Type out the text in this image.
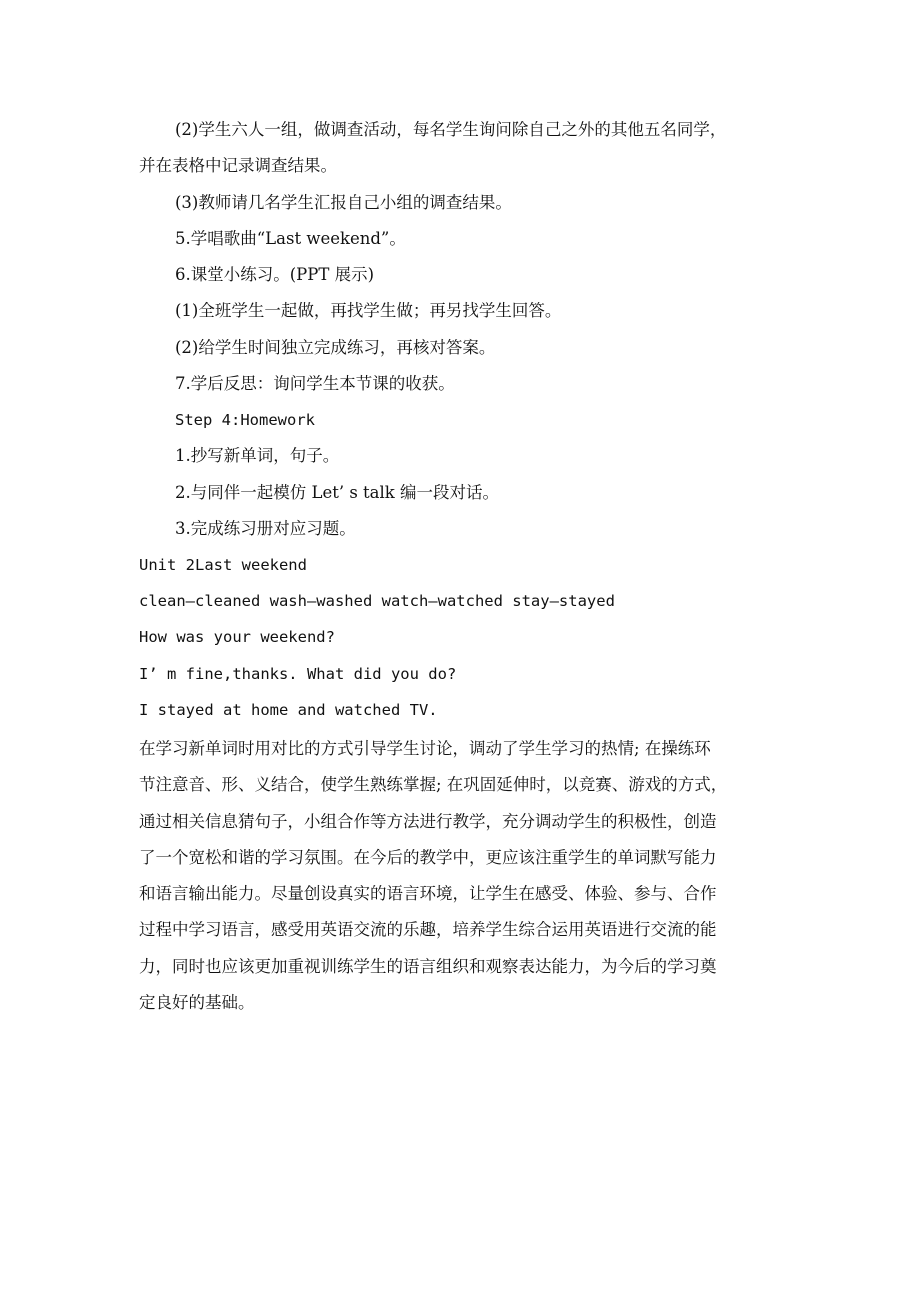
(2)学生六人一组，做调查活动，每名学生询问除自己之外的其他五名同学，
并在表格中记录调查结果。
(3)教师请几名学生汇报自己小组的调查结果。
5.学唱歌曲“Last weekend”。
6.课堂小练习。(PPT 展示)
(1)全班学生一起做，再找学生做；再另找学生回答。
(2)给学生时间独立完成练习，再核对答案。
7.学后反思：询问学生本节课的收获。
Step 4:Homework
1.抄写新单词，句子。
2.与同伴一起模仿 Let’ s talk 编一段对话。
3.完成练习册对应习题。
Unit 2Last weekend
clean—cleaned wash—washed watch—watched stay—stayed
How was your weekend?
I’ m fine,thanks. What did you do?
I stayed at home and watched TV.
在学习新单词时用对比的方式引导学生讨论，调动了学生学习的热情; 在操练环
节注意音、形、义结合，使学生熟练掌握; 在巩固延伸时，以竞赛、游戏的方式，
通过相关信息猜句子，小组合作等方法进行教学，充分调动学生的积极性，创造
了一个宽松和谐的学习氛围。在今后的教学中，更应该注重学生的单词默写能力
和语言输出能力。尽量创设真实的语言环境，让学生在感受、体验、参与、合作
过程中学习语言，感受用英语交流的乐趣，培养学生综合运用英语进行交流的能
力，同时也应该更加重视训练学生的语言组织和观察表达能力，为今后的学习奠
定良好的基础。
